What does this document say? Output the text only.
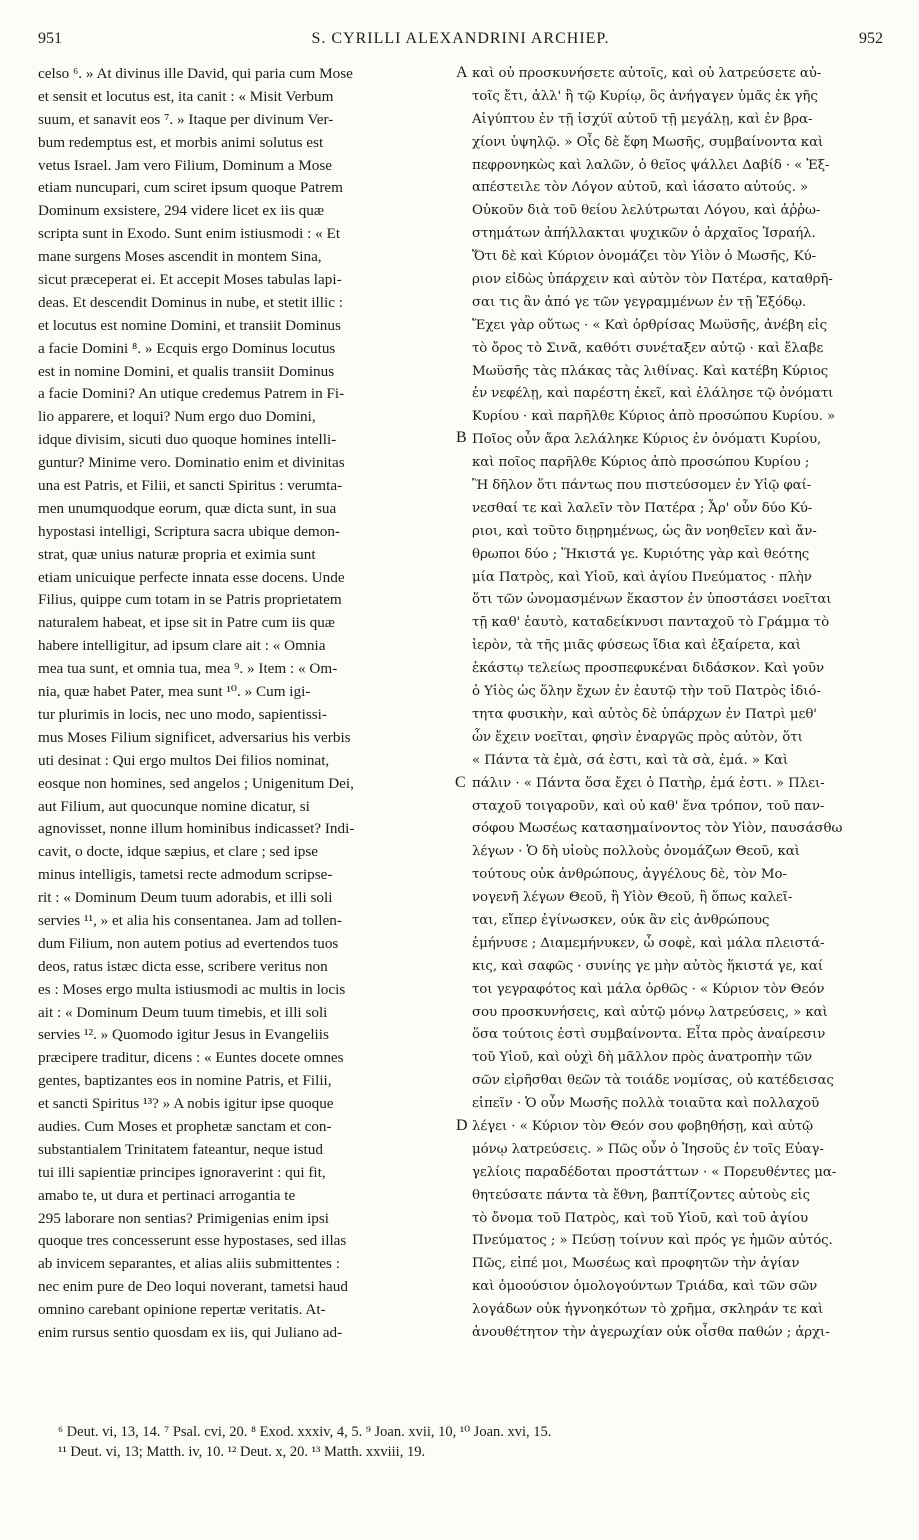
951	S. CYRILLI ALEXANDRINI ARCHIEP.	952
celso ⁶. » At divinus ille David, qui paria cum Mose
et sensit et locutus est, ita canit : « Misit Verbum
suum, et sanavit eos ⁷. » Itaque per divinum Ver-
bum redemptus est, et morbis animi solutus est
vetus Israel. Jam vero Filium, Dominum a Mose
etiam nuncupari, cum sciret ipsum quoque Patrem
Dominum exsistere, 294 videre licet ex iis quæ
scripta sunt in Exodo. Sunt enim istiusmodi : « Et
mane surgens Moses ascendit in montem Sina,
sicut præceperat ei. Et accepit Moses tabulas lapi-
deas. Et descendit Dominus in nube, et stetit illic :
et locutus est nomine Domini, et transiit Dominus
a facie Domini ⁸. » Ecquis ergo Dominus locutus
est in nomine Domini, et qualis transiit Dominus
a facie Domini? An utique credemus Patrem in Fi-
lio apparere, et loqui? Num ergo duo Domini,
idque divisim, sicuti duo quoque homines intelli-
guntur? Minime vero. Dominatio enim et divinitas
una est Patris, et Filii, et sancti Spiritus : verumta-
men unumquodque eorum, quæ dicta sunt, in sua
hypostasi intelligi, Scriptura sacra ubique demon-
strat, quæ unius naturæ propria et eximia sunt
etiam unicuique perfecte innata esse docens. Unde
Filius, quippe cum totam in se Patris proprietatem
naturalem habeat, et ipse sit in Patre cum iis quæ
habere intelligitur, ad ipsum clare ait : « Omnia
mea tua sunt, et omnia tua, mea ⁹. » Item : « Om-
nia, quæ habet Pater, mea sunt ¹⁰. » Cum igi-
tur plurimis in locis, nec uno modo, sapientissi-
mus Moses Filium significet, adversarius his verbis
uti desinat : Qui ergo multos Dei filios nominat,
eosque non homines, sed angelos ; Unigenitum Dei,
aut Filium, aut quocunque nomine dicatur, si
agnovisset, nonne illum hominibus indicasset? Indi-
cavit, o docte, idque sæpius, et clare ; sed ipse
minus intelligis, tametsi recte admodum scripse-
rit : « Dominum Deum tuum adorabis, et illi soli
servies ¹¹, » et alia his consentanea. Jam ad tollen-
dum Filium, non autem potius ad evertendos tuos
deos, ratus istæc dicta esse, scribere veritus non
es : Moses ergo multa istiusmodi ac multis in locis
ait : « Dominum Deum tuum timebis, et illi soli
servies ¹². » Quomodo igitur Jesus in Evangeliis
præcipere traditur, dicens : « Euntes docete omnes
gentes, baptizantes eos in nomine Patris, et Filii,
et sancti Spiritus ¹³? » A nobis igitur ipse quoque
audies. Cum Moses et prophetæ sanctam et con-
substantialem Trinitatem fateantur, neque istud
tui illi sapientiæ principes ignoraverint : qui fit,
amabo te, ut dura et pertinaci arrogantia te
295 laborare non sentias? Primigenias enim ipsi
quoque tres concesserunt esse hypostases, sed illas
ab invicem separantes, et alias aliis submittentes :
nec enim pure de Deo loqui noverant, tametsi haud
omnino carebant opinione repertæ veritatis. At-
enim rursus sentio quosdam ex iis, qui Juliano ad-
καὶ οὐ προσκυνήσετε αὐτοῖς, καὶ οὐ λατρεύσετε αὐ-
τοῖς ἔτι, ἀλλ' ἢ τῷ Κυρίῳ, ὃς ἀνήγαγεν ὑμᾶς ἐκ γῆς
Αἰγύπτου ἐν τῇ ἰσχύϊ αὐτοῦ τῇ μεγάλῃ, καὶ ἐν βρα-
χίονι ὑψηλῷ. » Οἷς δὲ ἔφη Μωσῆς, συμβαίνοντα καὶ
πεφρονηκὼς καὶ λαλῶν, ὁ θεῖος ψάλλει Δαβίδ · « Ἐξ-
απέστειλε τὸν Λόγον αὐτοῦ, καὶ ἰάσατο αὐτούς. »
Οὐκοῦν διὰ τοῦ θείου λελύτρωται Λόγου, καὶ ἀῤῥω-
στημάτων ἀπήλλακται ψυχικῶν ὁ ἀρχαῖος Ἰσραήλ.
Ὅτι δὲ καὶ Κύριον ὀνομάζει τὸν Υἱὸν ὁ Μωσῆς, Κύ-
ριον εἰδὼς ὑπάρχειν καὶ αὐτὸν τὸν Πατέρα, καταθρῆ-
σαι τις ἂν ἀπό γε τῶν γεγραμμένων ἐν τῇ Ἐξόδῳ.
Ἔχει γὰρ οὕτως · « Καὶ ὀρθρίσας Μωϋσῆς, ἀνέβη εἰς
τὸ ὄρος τὸ Σινᾶ, καθότι συνέταξεν αὐτῷ · καὶ ἔλαβε
Μωϋσῆς τὰς πλάκας τὰς λιθίνας. Καὶ κατέβη Κύριος
ἐν νεφέλῃ, καὶ παρέστη ἐκεῖ, καὶ ἐλάλησε τῷ ὀνόματι
Κυρίου · καὶ παρῆλθε Κύριος ἀπὸ προσώπου Κυρίου. »
Ποῖος οὖν ἄρα λελάληκε Κύριος ἐν ὀνόματι Κυρίου,
καὶ ποῖος παρῆλθε Κύριος ἀπὸ προσώπου Κυρίου ;
Ἢ δῆλον ὅτι πάντως που πιστεύσομεν ἐν Υἱῷ φαί-
νεσθαί τε καὶ λαλεῖν τὸν Πατέρα ; Ἆρ' οὖν δύο Κύ-
ριοι, καὶ τοῦτο διῃρημένως, ὡς ἂν νοηθεῖεν καὶ ἄν-
θρωποι δύο ; Ἥκιστά γε. Κυριότης γὰρ καὶ θεότης
μία Πατρὸς, καὶ Υἱοῦ, καὶ ἁγίου Πνεύματος · πλὴν
ὅτι τῶν ὠνομασμένων ἕκαστον ἐν ὑποστάσει νοεῖται
τῇ καθ' ἑαυτὸ, καταδείκνυσι πανταχοῦ τὸ Γράμμα τὸ
ἱερὸν, τὰ τῆς μιᾶς φύσεως ἴδια καὶ ἐξαίρετα, καὶ
ἑκάστῳ τελείως προσπεφυκέναι διδάσκον. Καὶ γοῦν
ὁ Υἱὸς ὡς ὅλην ἔχων ἐν ἑαυτῷ τὴν τοῦ Πατρὸς ἰδιό-
τητα φυσικὴν, καὶ αὐτὸς δὲ ὑπάρχων ἐν Πατρὶ μεθ'
ὧν ἔχειν νοεῖται, φησὶν ἐναργῶς πρὸς αὐτὸν, ὅτι
« Πάντα τὰ ἐμὰ, σά ἐστι, καὶ τὰ σὰ, ἐμά. » Καὶ
πάλιν · « Πάντα ὅσα ἔχει ὁ Πατὴρ, ἐμά ἐστι. » Πλει-
σταχοῦ τοιγαροῦν, καὶ οὐ καθ' ἕνα τρόπον, τοῦ παν-
σόφου Μωσέως κατασημαίνοντος τὸν Υἱὸν, παυσάσθω
λέγων · Ὁ δὴ υἱοὺς πολλοὺς ὀνομάζων Θεοῦ, καὶ
τούτους οὐκ ἀνθρώπους, ἀγγέλους δὲ, τὸν Μο-
νογενῆ λέγων Θεοῦ, ἢ Υἱὸν Θεοῦ, ἢ ὅπως καλεῖ-
ται, εἴπερ ἐγίνωσκεν, οὐκ ἂν εἰς ἀνθρώπους
ἐμήνυσε ; Διαμεμήνυκεν, ὦ σοφὲ, καὶ μάλα πλειστά-
κις, καὶ σαφῶς · συνίης γε μὴν αὐτὸς ἥκιστά γε, καί
τοι γεγραφότος καὶ μάλα ὀρθῶς · « Κύριον τὸν Θεόν
σου προσκυνήσεις, καὶ αὐτῷ μόνῳ λατρεύσεις, » καὶ
ὅσα τούτοις ἐστὶ συμβαίνοντα. Εἶτα πρὸς ἀναίρεσιν
τοῦ Υἱοῦ, καὶ οὐχὶ δὴ μᾶλλον πρὸς ἀνατροπὴν τῶν
σῶν εἰρῆσθαι θεῶν τὰ τοιάδε νομίσας, οὐ κατέδεισας
εἰπεῖν · Ὁ οὖν Μωσῆς πολλὰ τοιαῦτα καὶ πολλαχοῦ
λέγει · « Κύριον τὸν Θεόν σου φοβηθήσῃ, καὶ αὐτῷ
μόνῳ λατρεύσεις. » Πῶς οὖν ὁ Ἰησοῦς ἐν τοῖς Εὐαγ-
γελίοις παραδέδοται προστάττων · « Πορευθέντες μα-
θητεύσατε πάντα τὰ ἔθνη, βαπτίζοντες αὐτοὺς εἰς
τὸ ὄνομα τοῦ Πατρὸς, καὶ τοῦ Υἱοῦ, καὶ τοῦ ἁγίου
Πνεύματος ; » Πεύσῃ τοίνυν καὶ πρός γε ἡμῶν αὐτός.
Πῶς, εἰπέ μοι, Μωσέως καὶ προφητῶν τὴν ἁγίαν
καὶ ὁμοούσιον ὁμολογούντων Τριάδα, καὶ τῶν σῶν
λογάδων οὐκ ἠγνοηκότων τὸ χρῆμα, σκληράν τε καὶ
ἀνουθέτητον τὴν ἀγερωχίαν οὐκ οἶσθα παθών ; ἀρχι-
A
B
C
D
⁶ Deut. vi, 13, 14. ⁷ Psal. cvi, 20. ⁸ Exod. xxxiv, 4, 5. ⁹ Joan. xvii, 10, ¹⁰ Joan. xvi, 15.
¹¹ Deut. vi, 13; Matth. iv, 10. ¹² Deut. x, 20. ¹³ Matth. xxviii, 19.
